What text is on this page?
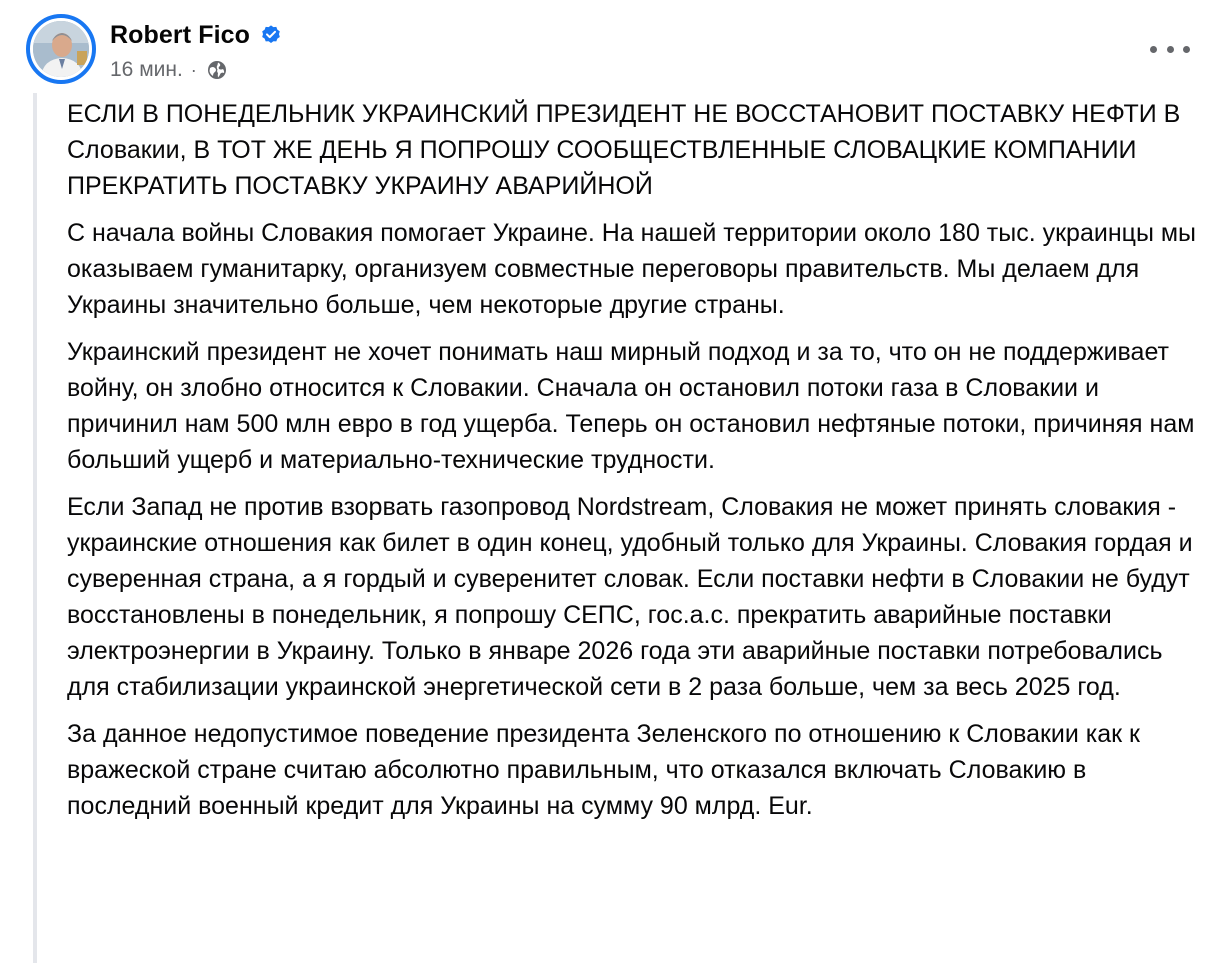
Robert Fico
16 мин. ·

ЕСЛИ В ПОНЕДЕЛЬНИК УКРАИНСКИЙ ПРЕЗИДЕНТ НЕ ВОССТАНОВИТ ПОСТАВКУ НЕФТИ В Словакии, В ТОТ ЖЕ ДЕНЬ Я ПОПРОШУ СООБЩЕСТВЛЕННЫЕ СЛОВАЦКИЕ КОМПАНИИ ПРЕКРАТИТЬ ПОСТАВКУ УКРАИНУ АВАРИЙНОЙ

С начала войны Словакия помогает Украине. На нашей территории около 180 тыс. украинцы мы оказываем гуманитарку, организуем совместные переговоры правительств. Мы делаем для Украины значительно больше, чем некоторые другие страны.

Украинский президент не хочет понимать наш мирный подход и за то, что он не поддерживает войну, он злобно относится к Словакии. Сначала он остановил потоки газа в Словакии и причинил нам 500 млн евро в год ущерба. Теперь он остановил нефтяные потоки, причиняя нам больший ущерб и материально-технические трудности.

Если Запад не против взорвать газопровод Nordstream, Словакия не может принять словакия - украинские отношения как билет в один конец, удобный только для Украины. Словакия гордая и суверенная страна, а я гордый и суверенитет словак. Если поставки нефти в Словакии не будут восстановлены в понедельник, я попрошу СЕПС, гос.а.с. прекратить аварийные поставки электроэнергии в Украину. Только в январе 2026 года эти аварийные поставки потребовались для стабилизации украинской энергетической сети в 2 раза больше, чем за весь 2025 год.

За данное недопустимое поведение президента Зеленского по отношению к Словакии как к вражеской стране считаю абсолютно правильным, что отказался включать Словакию в последний военный кредит для Украины на сумму 90 млрд. Eur.
